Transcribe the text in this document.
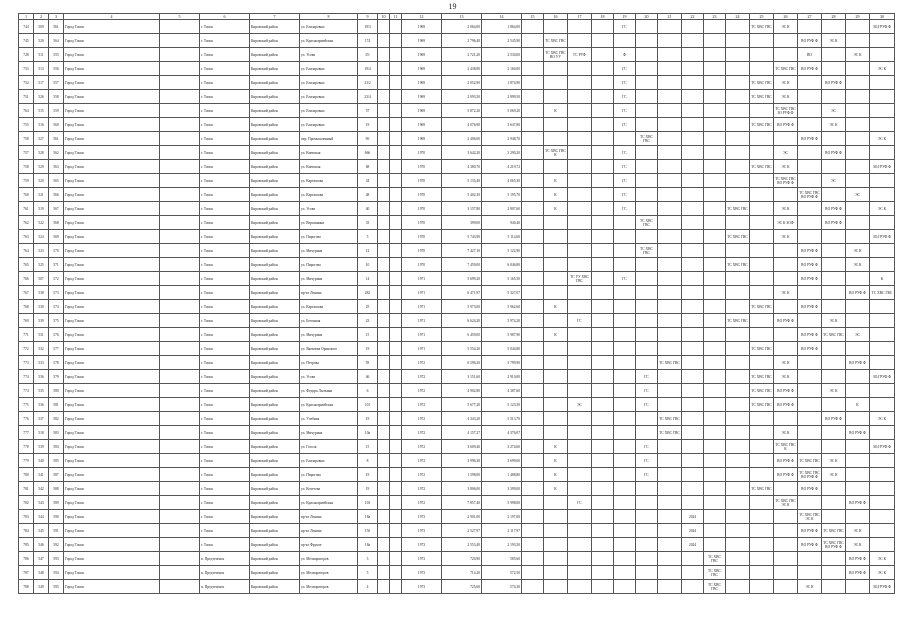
19
1	2	3	4	5	6	7	8	9	10	11	12	13	14	15	16	17	18	19	20	21	22	23	24	25	26	27	28	29	30
744	509	561	Город Томск		г. Томск	Кировский район	ул. Елизаровых	19/3			1969	2 064,00	1 864,00					ГС						ТС ХВС ГВС	ЭС К				ЗО,ГРУФ Ф
745	520	564	Город Томск		г. Томск	Кировский район	ул. Красноармейская	174			1969	2 796,40	2 545,90		ТС ХВС ГВС											ВО РУФ Ф	ЭС К		
728	511	555	Город Томск		г. Томск	Кировский район	ул. Усова	37г			1969	2 721,20	2 530,00		ТС ХВС ГВС ВО УУ	ГС РУФ		Ф								ВО		ЭС К	
753	513	556	Город Томск		г. Томск	Кировский район	ул. Елизаровых	19/4			1969	2 438,00	2 160,00					ГС							ТС ХВС ГВС	ВО РУФ Ф			ЭС К
752	517	557	Город Томск		г. Томск	Кировский район	ул. Елизаровых	23/2			1969	2 052,90	1 874,90					ГС						ТС ХВС ГВС	ЭС К		ВО РУФ Ф		
751	526	558	Город Томск		г. Томск	Кировский район	ул. Елизаровых	23/4			1969	2 093,50	2 899,50					ГС						ТС ХВС ГВС	ЭС К				
764	515	559	Город Томск		г. Томск	Кировский район	ул. Елизаровых	57			1969	5 872,20	5 069,20		К			ГС							ТС ХВС ГВС ЗО РУФ Ф		ЭС		
755	516	560	Город Томск		г. Томск	Кировский район	ул. Елизаровых	19			1969	4 076,90	3 647,80					ГС						ТС ХВС ГВС	ВО РУФ Ф		ЭС К		
758	527	561	Город Томск		г. Томск	Кировский район	пер. Промышленный	9б			1969	2 406,00	2 948,70						ТС ХВС ГВС							ВО РУФ Ф			ЭС К
757	528	562	Город Томск		г. Томск	Кировский район	ул. Киевская	66б			1970	3 642,20	3 290,20		ТС ХВС ГВС К			ГС							ЭС		ВО РУФ Ф		
758	529	563	Город Томск		г. Томск	Кировский район	ул. Киевская	68			1970	4 380,70	4 219,72					ГС						ТС ХВС ГВС	ЭС К				ЗО,ГРУФ Ф
759	520	565	Город Томск		г. Томск	Кировский район	ул. Карташова	34			1970	5 135,40	4 065,30		К			ГС							ТС ХВС ГВС ВО РУФ Ф		ЭС		
760	521	566	Город Томск		г. Томск	Кировский район	ул. Карташова	48			1970	5 402,30	5 195,70		К			ГС								ТС ХВС ГВС ВО РУФ Ф		ЭС	
761	519	567	Город Томск		г. Томск	Кировский район	ул. Усова	40			1970	3 157,80	2 807,60		К			ГС					ТС ХВС ГВС		ЭС К		ВО РУФ Ф		ЭС К
762	522	568	Город Томск		г. Томск	Кировский район	ул. Вершинина	33			1970	399,00	940,40						ТС ХВС ГВС						ЭС К ЗОФ		ВО РУФ Ф		
763	524	569	Город Томск		г. Томск	Кировский район	ул. Пирогова	5			1970	5 743,90	5 114,60										ТС ХВС ГВС		ЭС К				ЗО,ГРУФ Ф
764	523	570	Город Томск		г. Томск	Кировский район	ул. Мичурина	12			1970	7 427,10	5 122,90						ТС ХВС ГВС							ВО РУФ Ф		ЭС К	
765	525	571	Город Томск		г. Томск	Кировский район	ул. Пирогова	10			1970	7 459,00	6 046,80										ТС ХВС ГВС			ВО РУФ Ф		ЭС К	
766	507	572	Город Томск		г. Томск	Кировский район	ул. Мичурина	14			1971	5 699,20	5 165,50			ТС УУ ХВС ГВС		ГС								ВО РУФ Ф			К
767	538	573	Город Томск		г. Томск	Кировский район	пр-кт Ленина	282			1971	6 471,97	5 327,07												ЭС К			ВО РУФ Ф	ТС ХВС ГВС
768	530	574	Город Томск		г. Томск	Кировский район	ул. Карташова	25			1971	5 973,00	5 962,60		К									ТС ХВС ГВС		ВО РУФ Ф			
769	539	575	Город Томск		г. Томск	Кировский район	ул. Бетонная	23			1971	6 624,20	5 974,20			ГС							ТС ХВС ГВС		ВО РУФ Ф		ЭС К		
771	531	576	Город Томск		г. Томск	Кировский район	ул. Мичурина	15			1971	6 459,00	5 987,90		К											ВО РУФ Ф	ТС ХВС ГВС	ЭС	
772	532	577	Город Томск		г. Томск	Кировский район	ул. Яковлева Оранского	19			1971	5 554,20	5 044,80											ТС ХВС ГВС		ВО РУФ Ф			
773	533	578	Город Томск		г. Томск	Кировский район	ул. Петрова	93			1972	6 596,20	5 799,90							ТС ХВС ГВС					ЭС К			ВО РУФ Ф	
774	536	579	Город Томск		г. Томск	Кировский район	ул. Усова	46			1972	3 151,60	2 910,00						ГС					ТС ХВС ГВС	ЭС К				ЗО,ГРУФ Ф
774	535	580	Город Томск		г. Томск	Кировский район	ул. Федора Лыткина	6			1972	4 902,80	4 387,60						ГС					ТС ХВС ГВС	ВО РУФ Ф		ЭС К		
775	536	581	Город Томск		г. Томск	Кировский район	ул. Красноармейская	101			1972	5 677,20	5 123,50			ЭС			ГС					ТС ХВС ГВС	ВО РУФ Ф			К	
776	537	582	Город Томск		г. Томск	Кировский район	ул. Учебная	19			1972	4 343,20	5 513,70							ТС ХВС ГВС							ВО РУФ Ф		ЭС К
777	518	583	Город Томск		г. Томск	Кировский район	ул. Мичурина	10а			1972	4 157,27	4 376,07							ТС ХВС ГВС					ЭС К			ВО РУФ Ф	
778	539	584	Город Томск		г. Томск	Кировский район	ул. Гоголя	15			1972	3 609,40	3 274,60		К				ГС						ТС ХВС ГВС К				ЗО,ГРУФ Ф
779	540	585	Город Томск		г. Томск	Кировский район	ул. Елизаровых	8			1972	3 996,30	3 699,00		К				ГС						ВО РУФ Ф	ТС ХВС ГВС	ЭС К		
780	541	587	Город Томск		г. Томск	Кировский район	ул. Пирогова	19			1972	1 598,00	1 488,80		К				ГС						ВО РУФ Ф	ТС ХВС ГВС ВО РУФ Ф	ЭС К		
781	542	588	Город Томск		г. Томск	Кировский район	ул. Кочетова	19			1972	3 806,00	3 399,00		К									ТС ХВС ГВС		ВО РУФ Ф			
782	543	589	Город Томск		г. Томск	Кировский район	ул. Красноармейская	103			1972	7 857,40	5 998,00			ГС									ТС ХВС ГВС ЭС К			ВО РУФ Ф	
783	544	590	Город Томск		г. Томск	Кировский район	пр-кт Ленина	18а			1973	2 901,00	2 197,00								2024					ТС ХВС ГВС ЭС К			
784	545	591	Город Томск		г. Томск	Кировский район	пр-кт Ленина	15б			1973	2 527,97	2 117,97								2024					ВО РУФ Ф	ТС ХВС ГВС	ЭС К	
785	546	592	Город Томск		г. Томск	Кировский район	пр-кт Фрунзе	18а			1973	2 553,40	2 193,50								2024					ВО РУФ Ф	ТС ХВС ГВС ВО РУФ Ф	ЭС К	
786	547	593	Город Томск		п. Предтеченск	Кировский район	ул. Мелиораторов	3			1973	720,90	585,60									ТС ХВС ГВС						ВО РУФ Ф	ЭС К
787	548	594	Город Томск		п. Предтеченск	Кировский район	ул. Мелиораторов	5			1973	714,20	572,50									ТС ХВС ГВС						ВО РУФ Ф	ЭС К
788	549	595	Город Томск		п. Предтеченск	Кировский район	ул. Мелиораторов	4			1973	725,60	574,30									ТС ХВС ГВС				ЭС К			ЗО,ГРУФ Ф
